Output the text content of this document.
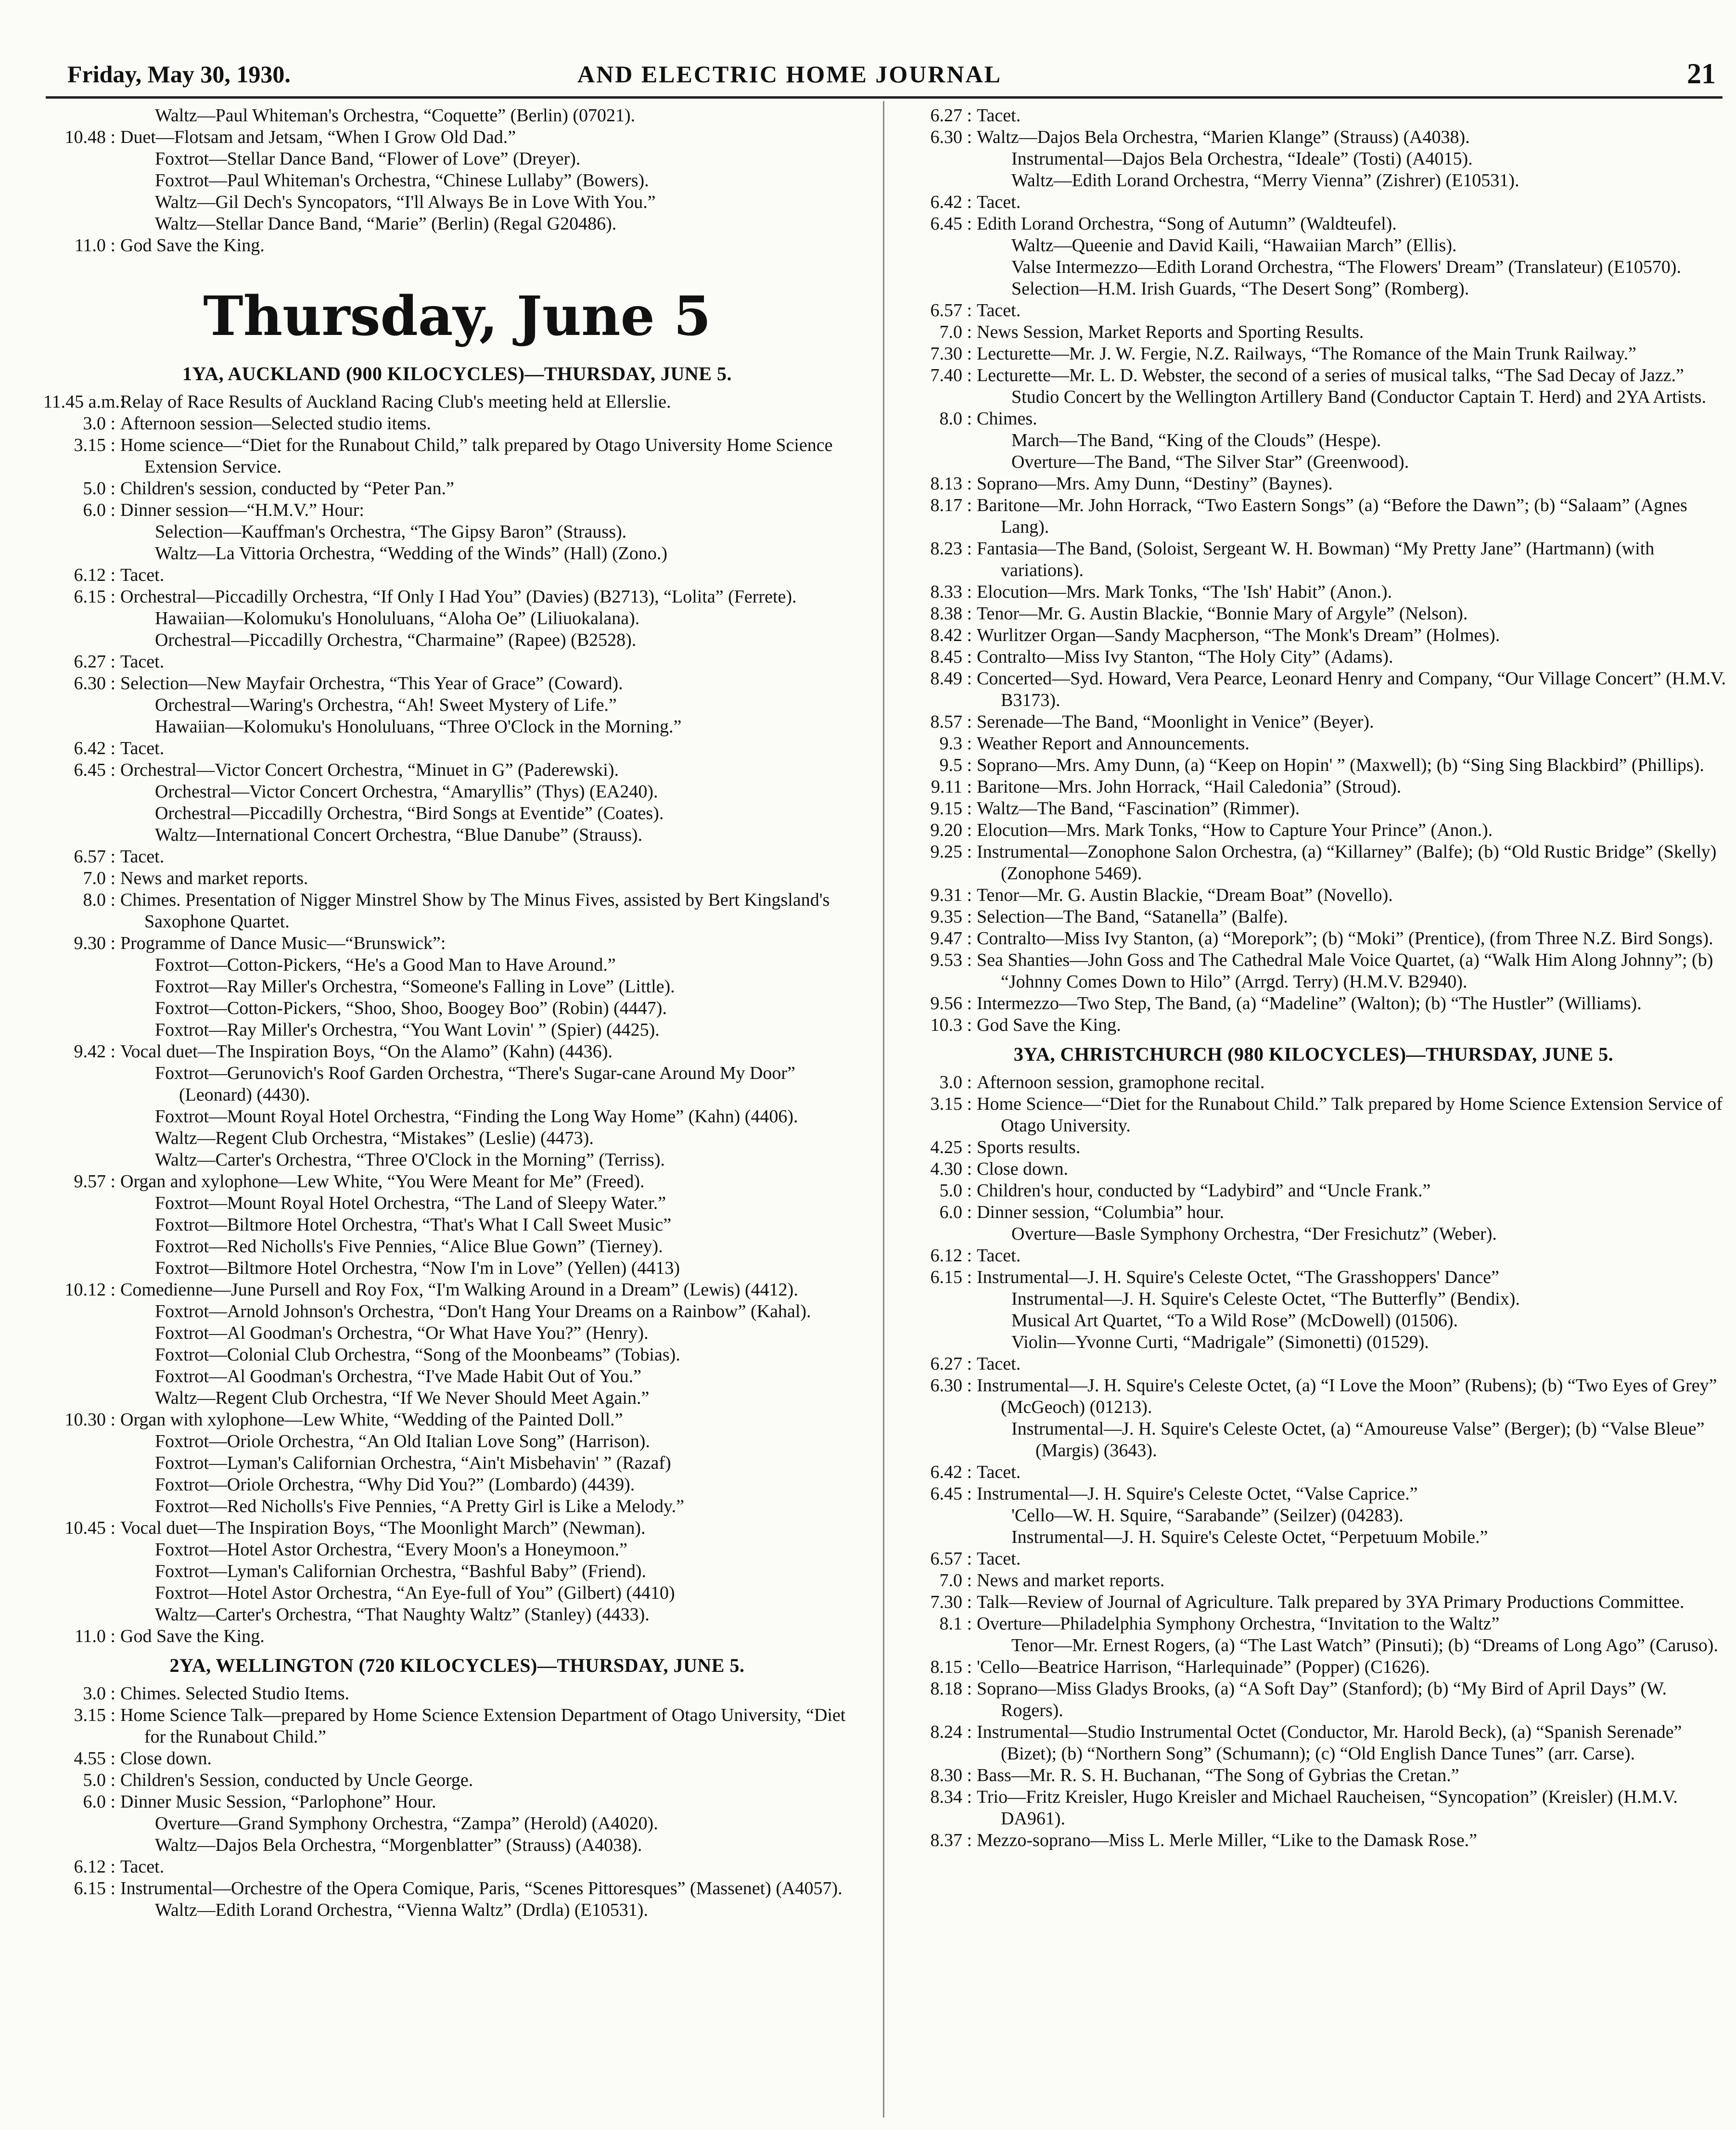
Friday, May 30, 1930.	AND ELECTRIC HOME JOURNAL	21
Waltz—Paul Whiteman's Orchestra, “Coquette” (Berlin) (07021).
10.48 : Duet—Flotsam and Jetsam, “When I Grow Old Dad.”
Foxtrot—Stellar Dance Band, “Flower of Love” (Dreyer).
Foxtrot—Paul Whiteman's Orchestra, “Chinese Lullaby” (Bowers).
Waltz—Gil Dech's Syncopators, “I'll Always Be in Love With You.”
Waltz—Stellar Dance Band, “Marie” (Berlin) (Regal G20486).
11.0 : God Save the King.
Thursday, June 5
1YA, AUCKLAND (900 KILOCYCLES)—THURSDAY, JUNE 5.
11.45 a.m.:
Relay of Race Results of Auckland Racing Club's meeting held at Ellerslie.
3.0 : Afternoon session—Selected studio items.
3.15 : Home science—“Diet for the Runabout Child,” talk prepared by Otago University Home Science Extension Service.
5.0 : Children's session, conducted by “Peter Pan.”
6.0 : Dinner session—“H.M.V.” Hour:
Selection—Kauffman's Orchestra, “The Gipsy Baron” (Strauss).
Waltz—La Vittoria Orchestra, “Wedding of the Winds” (Hall) (Zono.)
6.12 : Tacet.
6.15 : Orchestral—Piccadilly Orchestra, “If Only I Had You” (Davies) (B2713), “Lolita” (Ferrete).
Hawaiian—Kolomuku's Honoluluans, “Aloha Oe” (Liliuokalana).
Orchestral—Piccadilly Orchestra, “Charmaine” (Rapee) (B2528).
6.27 : Tacet.
6.30 : Selection—New Mayfair Orchestra, “This Year of Grace” (Coward).
Orchestral—Waring's Orchestra, “Ah! Sweet Mystery of Life.”
Hawaiian—Kolomuku's Honoluluans, “Three O'Clock in the Morning.”
6.42 : Tacet.
6.45 : Orchestral—Victor Concert Orchestra, “Minuet in G” (Paderewski).
Orchestral—Victor Concert Orchestra, “Amaryllis” (Thys) (EA240).
Orchestral—Piccadilly Orchestra, “Bird Songs at Eventide” (Coates).
Waltz—International Concert Orchestra, “Blue Danube” (Strauss).
6.57 : Tacet.
7.0 : News and market reports.
8.0 : Chimes. Presentation of Nigger Minstrel Show by The Minus Fives, assisted by Bert Kingsland's Saxophone Quartet.
9.30 : Programme of Dance Music—“Brunswick”:
Foxtrot—Cotton-Pickers, “He's a Good Man to Have Around.”
Foxtrot—Ray Miller's Orchestra, “Someone's Falling in Love” (Little).
Foxtrot—Cotton-Pickers, “Shoo, Shoo, Boogey Boo” (Robin) (4447).
Foxtrot—Ray Miller's Orchestra, “You Want Lovin' ” (Spier) (4425).
9.42 : Vocal duet—The Inspiration Boys, “On the Alamo” (Kahn) (4436).
Foxtrot—Gerunovich's Roof Garden Orchestra, “There's Sugar-cane Around My Door” (Leonard) (4430).
Foxtrot—Mount Royal Hotel Orchestra, “Finding the Long Way Home” (Kahn) (4406).
Waltz—Regent Club Orchestra, “Mistakes” (Leslie) (4473).
Waltz—Carter's Orchestra, “Three O'Clock in the Morning” (Terriss).
9.57 : Organ and xylophone—Lew White, “You Were Meant for Me” (Freed).
Foxtrot—Mount Royal Hotel Orchestra, “The Land of Sleepy Water.”
Foxtrot—Biltmore Hotel Orchestra, “That's What I Call Sweet Music”
Foxtrot—Red Nicholls's Five Pennies, “Alice Blue Gown” (Tierney).
Foxtrot—Biltmore Hotel Orchestra, “Now I'm in Love” (Yellen) (4413)
10.12 : Comedienne—June Pursell and Roy Fox, “I'm Walking Around in a Dream” (Lewis) (4412).
Foxtrot—Arnold Johnson's Orchestra, “Don't Hang Your Dreams on a Rainbow” (Kahal).
Foxtrot—Al Goodman's Orchestra, “Or What Have You?” (Henry).
Foxtrot—Colonial Club Orchestra, “Song of the Moonbeams” (Tobias).
Foxtrot—Al Goodman's Orchestra, “I've Made Habit Out of You.”
Waltz—Regent Club Orchestra, “If We Never Should Meet Again.”
10.30 : Organ with xylophone—Lew White, “Wedding of the Painted Doll.”
Foxtrot—Oriole Orchestra, “An Old Italian Love Song” (Harrison).
Foxtrot—Lyman's Californian Orchestra, “Ain't Misbehavin' ” (Razaf)
Foxtrot—Oriole Orchestra, “Why Did You?” (Lombardo) (4439).
Foxtrot—Red Nicholls's Five Pennies, “A Pretty Girl is Like a Melody.”
10.45 : Vocal duet—The Inspiration Boys, “The Moonlight March” (Newman).
Foxtrot—Hotel Astor Orchestra, “Every Moon's a Honeymoon.”
Foxtrot—Lyman's Californian Orchestra, “Bashful Baby” (Friend).
Foxtrot—Hotel Astor Orchestra, “An Eye-full of You” (Gilbert) (4410)
Waltz—Carter's Orchestra, “That Naughty Waltz” (Stanley) (4433).
11.0 : God Save the King.
2YA, WELLINGTON (720 KILOCYCLES)—THURSDAY, JUNE 5.
3.0 : Chimes. Selected Studio Items.
3.15 : Home Science Talk—prepared by Home Science Extension Department of Otago University, “Diet for the Runabout Child.”
4.55 : Close down.
5.0 : Children's Session, conducted by Uncle George.
6.0 : Dinner Music Session, “Parlophone” Hour.
Overture—Grand Symphony Orchestra, “Zampa” (Herold) (A4020).
Waltz—Dajos Bela Orchestra, “Morgenblatter” (Strauss) (A4038).
6.12 : Tacet.
6.15 : Instrumental—Orchestre of the Opera Comique, Paris, “Scenes Pittoresques” (Massenet) (A4057).
Waltz—Edith Lorand Orchestra, “Vienna Waltz” (Drdla) (E10531).
6.27 : Tacet.
6.30 : Waltz—Dajos Bela Orchestra, “Marien Klange” (Strauss) (A4038).
Instrumental—Dajos Bela Orchestra, “Ideale” (Tosti) (A4015).
Waltz—Edith Lorand Orchestra, “Merry Vienna” (Zishrer) (E10531).
6.42 : Tacet.
6.45 : Edith Lorand Orchestra, “Song of Autumn” (Waldteufel).
Waltz—Queenie and David Kaili, “Hawaiian March” (Ellis).
Valse Intermezzo—Edith Lorand Orchestra, “The Flowers' Dream” (Translateur) (E10570).
Selection—H.M. Irish Guards, “The Desert Song” (Romberg).
6.57 : Tacet.
7.0 : News Session, Market Reports and Sporting Results.
7.30 : Lecturette—Mr. J. W. Fergie, N.Z. Railways, “The Romance of the Main Trunk Railway.”
7.40 : Lecturette—Mr. L. D. Webster, the second of a series of musical talks, “The Sad Decay of Jazz.”
Studio Concert by the Wellington Artillery Band (Conductor Captain T. Herd) and 2YA Artists.
8.0 : Chimes.
March—The Band, “King of the Clouds” (Hespe).
Overture—The Band, “The Silver Star” (Greenwood).
8.13 : Soprano—Mrs. Amy Dunn, “Destiny” (Baynes).
8.17 : Baritone—Mr. John Horrack, “Two Eastern Songs” (a) “Before the Dawn”; (b) “Salaam” (Agnes Lang).
8.23 : Fantasia—The Band, (Soloist, Sergeant W. H. Bowman) “My Pretty Jane” (Hartmann) (with variations).
8.33 : Elocution—Mrs. Mark Tonks, “The 'Ish' Habit” (Anon.).
8.38 : Tenor—Mr. G. Austin Blackie, “Bonnie Mary of Argyle” (Nelson).
8.42 : Wurlitzer Organ—Sandy Macpherson, “The Monk's Dream” (Holmes).
8.45 : Contralto—Miss Ivy Stanton, “The Holy City” (Adams).
8.49 : Concerted—Syd. Howard, Vera Pearce, Leonard Henry and Company, “Our Village Concert” (H.M.V. B3173).
8.57 : Serenade—The Band, “Moonlight in Venice” (Beyer).
9.3 : Weather Report and Announcements.
9.5 : Soprano—Mrs. Amy Dunn, (a) “Keep on Hopin' ” (Maxwell); (b) “Sing Sing Blackbird” (Phillips).
9.11 : Baritone—Mrs. John Horrack, “Hail Caledonia” (Stroud).
9.15 : Waltz—The Band, “Fascination” (Rimmer).
9.20 : Elocution—Mrs. Mark Tonks, “How to Capture Your Prince” (Anon.).
9.25 : Instrumental—Zonophone Salon Orchestra, (a) “Killarney” (Balfe); (b) “Old Rustic Bridge” (Skelly) (Zonophone 5469).
9.31 : Tenor—Mr. G. Austin Blackie, “Dream Boat” (Novello).
9.35 : Selection—The Band, “Satanella” (Balfe).
9.47 : Contralto—Miss Ivy Stanton, (a) “Morepork”; (b) “Moki” (Prentice), (from Three N.Z. Bird Songs).
9.53 : Sea Shanties—John Goss and The Cathedral Male Voice Quartet, (a) “Walk Him Along Johnny”; (b) “Johnny Comes Down to Hilo” (Arrgd. Terry) (H.M.V. B2940).
9.56 : Intermezzo—Two Step, The Band, (a) “Madeline” (Walton); (b) “The Hustler” (Williams).
10.3 : God Save the King.
3YA, CHRISTCHURCH (980 KILOCYCLES)—THURSDAY, JUNE 5.
3.0 : Afternoon session, gramophone recital.
3.15 : Home Science—“Diet for the Runabout Child.” Talk prepared by Home Science Extension Service of Otago University.
4.25 : Sports results.
4.30 : Close down.
5.0 : Children's hour, conducted by “Ladybird” and “Uncle Frank.”
6.0 : Dinner session, “Columbia” hour.
Overture—Basle Symphony Orchestra, “Der Fresichutz” (Weber).
6.12 : Tacet.
6.15 : Instrumental—J. H. Squire's Celeste Octet, “The Grasshoppers' Dance”
Instrumental—J. H. Squire's Celeste Octet, “The Butterfly” (Bendix).
Musical Art Quartet, “To a Wild Rose” (McDowell) (01506).
Violin—Yvonne Curti, “Madrigale” (Simonetti) (01529).
6.27 : Tacet.
6.30 : Instrumental—J. H. Squire's Celeste Octet, (a) “I Love the Moon” (Rubens); (b) “Two Eyes of Grey” (McGeoch) (01213).
Instrumental—J. H. Squire's Celeste Octet, (a) “Amoureuse Valse” (Berger); (b) “Valse Bleue” (Margis) (3643).
6.42 : Tacet.
6.45 : Instrumental—J. H. Squire's Celeste Octet, “Valse Caprice.”
'Cello—W. H. Squire, “Sarabande” (Seilzer) (04283).
Instrumental—J. H. Squire's Celeste Octet, “Perpetuum Mobile.”
6.57 : Tacet.
7.0 : News and market reports.
7.30 : Talk—Review of Journal of Agriculture. Talk prepared by 3YA Primary Productions Committee.
8.1 : Overture—Philadelphia Symphony Orchestra, “Invitation to the Waltz”
Tenor—Mr. Ernest Rogers, (a) “The Last Watch” (Pinsuti); (b) “Dreams of Long Ago” (Caruso).
8.15 : 'Cello—Beatrice Harrison, “Harlequinade” (Popper) (C1626).
8.18 : Soprano—Miss Gladys Brooks, (a) “A Soft Day” (Stanford); (b) “My Bird of April Days” (W. Rogers).
8.24 : Instrumental—Studio Instrumental Octet (Conductor, Mr. Harold Beck), (a) “Spanish Serenade” (Bizet); (b) “Northern Song” (Schumann); (c) “Old English Dance Tunes” (arr. Carse).
8.30 : Bass—Mr. R. S. H. Buchanan, “The Song of Gybrias the Cretan.”
8.34 : Trio—Fritz Kreisler, Hugo Kreisler and Michael Raucheisen, “Syncopation” (Kreisler) (H.M.V. DA961).
8.37 : Mezzo-soprano—Miss L. Merle Miller, “Like to the Damask Rose.”
